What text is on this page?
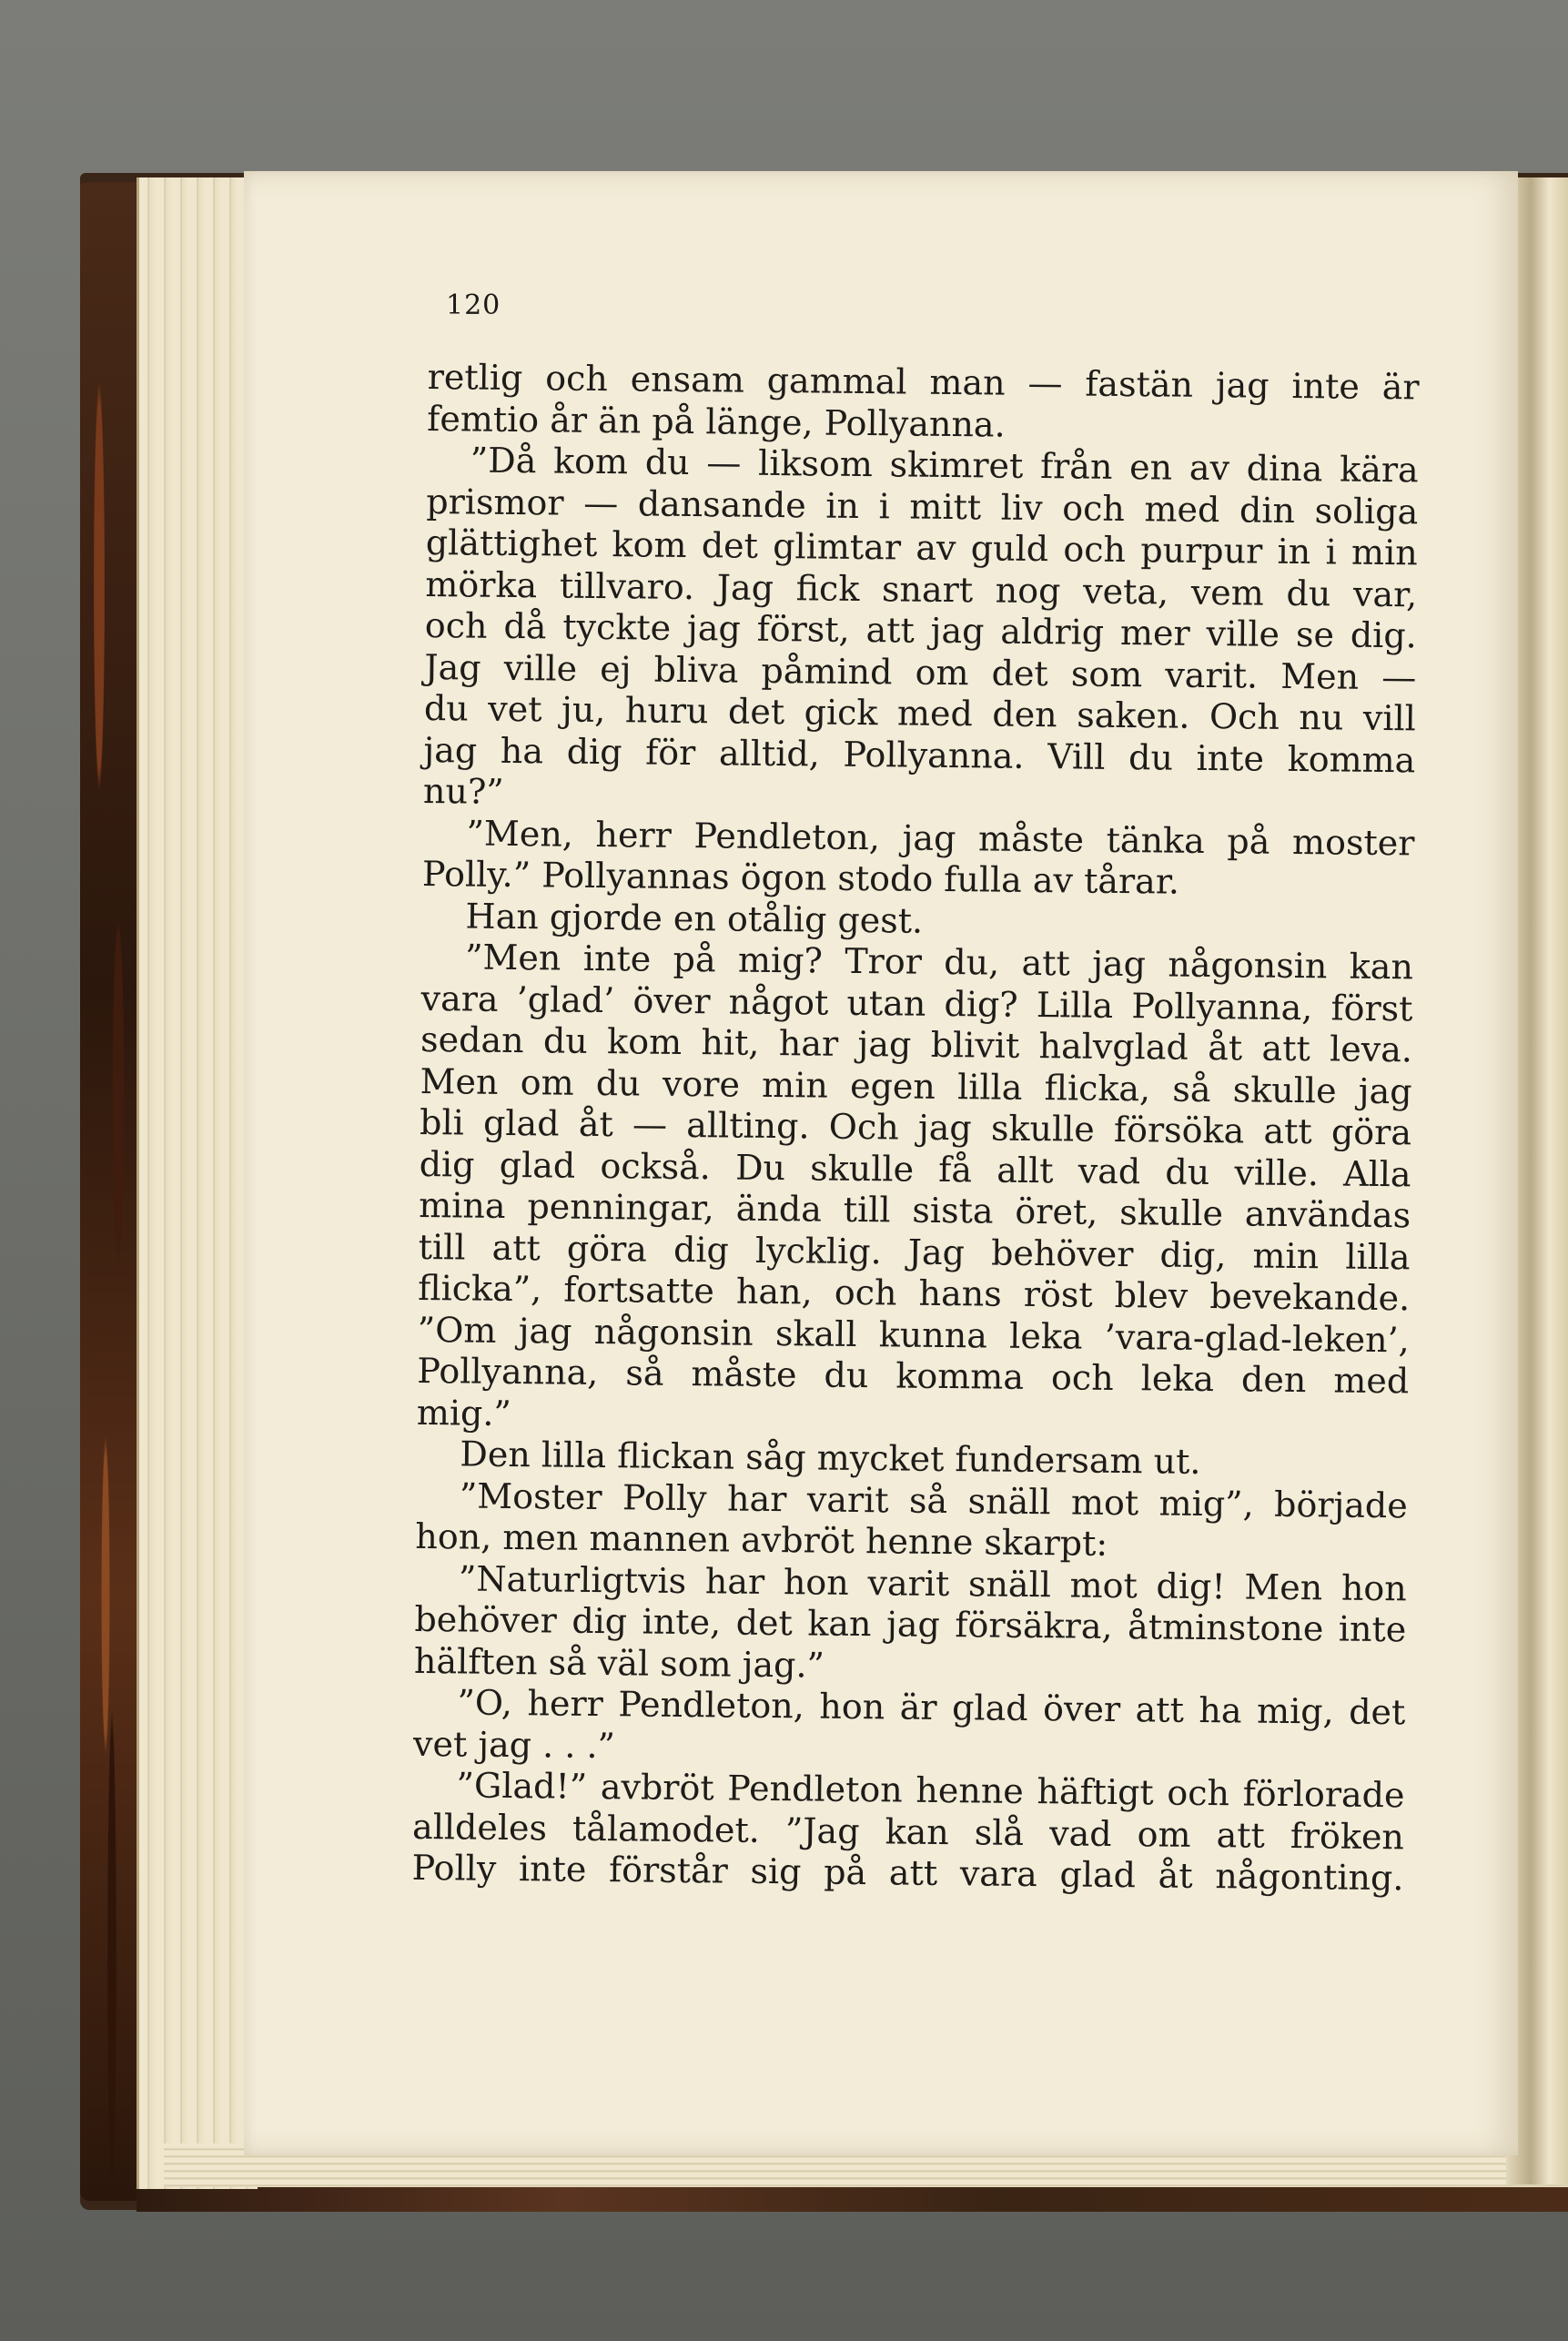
120
retlig och ensam gammal man — fastän jag inte är
femtio år än på länge, Pollyanna.
”Då kom du — liksom skimret från en av dina kära
prismor — dansande in i mitt liv och med din soliga
glättighet kom det glimtar av guld och purpur in i min
mörka tillvaro. Jag fick snart nog veta, vem du var,
och då tyckte jag först, att jag aldrig mer ville se dig.
Jag ville ej bliva påmind om det som varit. Men —
du vet ju, huru det gick med den saken. Och nu vill
jag ha dig för alltid, Pollyanna. Vill du inte komma
nu?”
”Men, herr Pendleton, jag måste tänka på moster
Polly.” Pollyannas ögon stodo fulla av tårar.
Han gjorde en otålig gest.
”Men inte på mig? Tror du, att jag någonsin kan
vara ’glad’ över något utan dig? Lilla Pollyanna, först
sedan du kom hit, har jag blivit halvglad åt att leva.
Men om du vore min egen lilla flicka, så skulle jag
bli glad åt — allting. Och jag skulle försöka att göra
dig glad också. Du skulle få allt vad du ville. Alla
mina penningar, ända till sista öret, skulle användas
till att göra dig lycklig. Jag behöver dig, min lilla
flicka”, fortsatte han, och hans röst blev bevekande.
”Om jag någonsin skall kunna leka ’vara-glad-leken’,
Pollyanna, så måste du komma och leka den med
mig.”
Den lilla flickan såg mycket fundersam ut.
”Moster Polly har varit så snäll mot mig”, började
hon, men mannen avbröt henne skarpt:
”Naturligtvis har hon varit snäll mot dig! Men hon
behöver dig inte, det kan jag försäkra, åtminstone inte
hälften så väl som jag.”
”O, herr Pendleton, hon är glad över att ha mig, det
vet jag . . .”
”Glad!” avbröt Pendleton henne häftigt och förlorade
alldeles tålamodet. ”Jag kan slå vad om att fröken
Polly inte förstår sig på att vara glad åt någonting.
